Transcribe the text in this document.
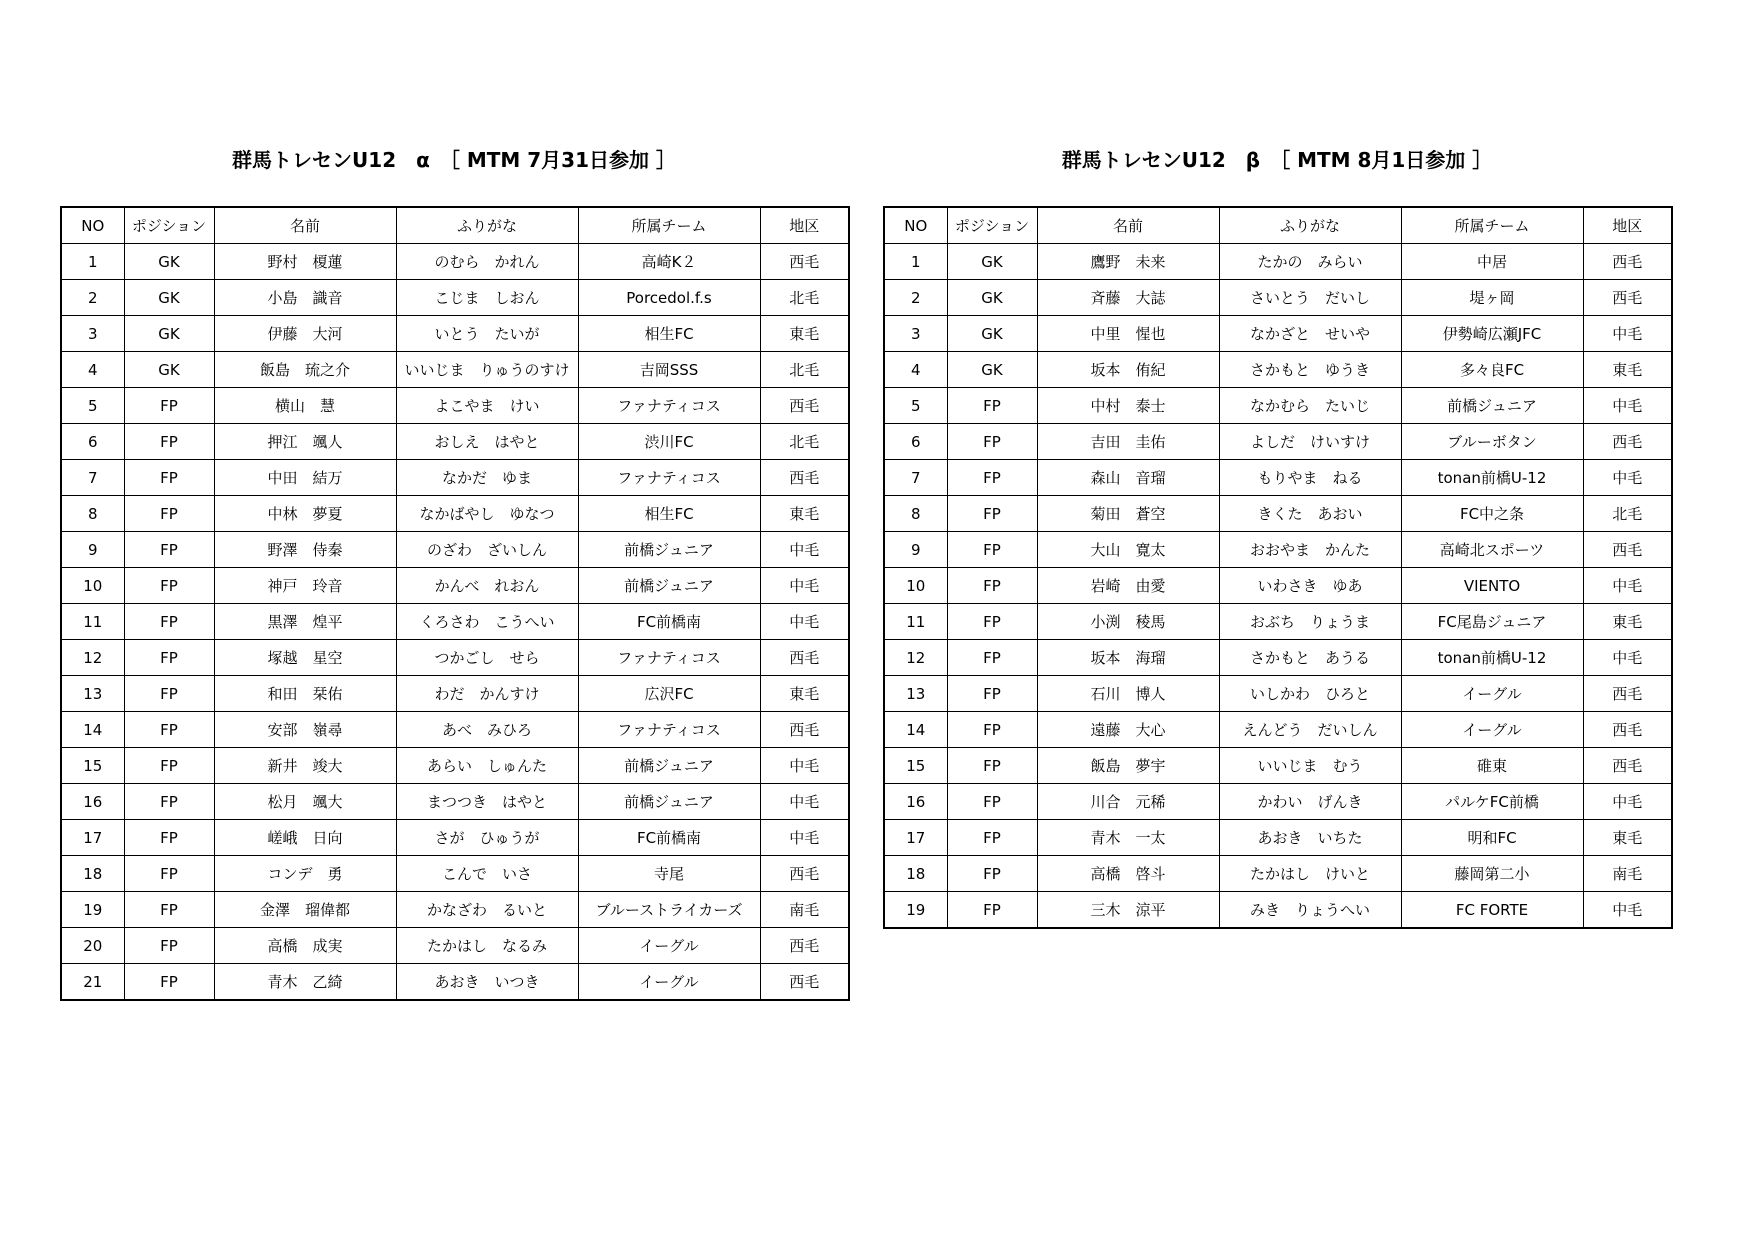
群馬トレセンU12　α　［ MTM 7月31日参加 ］
NO	ポジション	名前	ふりがな	所属チーム	地区
1	GK	野村　榎蓮	のむら　かれん	高崎K２	西毛
2	GK	小島　識音	こじま　しおん	Porcedol.f.s	北毛
3	GK	伊藤　大河	いとう　たいが	相生FC	東毛
4	GK	飯島　琉之介	いいじま　りゅうのすけ	吉岡SSS	北毛
5	FP	横山　慧	よこやま　けい	ファナティコス	西毛
6	FP	押江　颯人	おしえ　はやと	渋川FC	北毛
7	FP	中田　結万	なかだ　ゆま	ファナティコス	西毛
8	FP	中林　夢夏	なかばやし　ゆなつ	相生FC	東毛
9	FP	野澤　侍秦	のざわ　ざいしん	前橋ジュニア	中毛
10	FP	神戸　玲音	かんべ　れおん	前橋ジュニア	中毛
11	FP	黒澤　煌平	くろさわ　こうへい	FC前橋南	中毛
12	FP	塚越　星空	つかごし　せら	ファナティコス	西毛
13	FP	和田　栞佑	わだ　かんすけ	広沢FC	東毛
14	FP	安部　嶺尋	あべ　みひろ	ファナティコス	西毛
15	FP	新井　竣大	あらい　しゅんた	前橋ジュニア	中毛
16	FP	松月　颯大	まつつき　はやと	前橋ジュニア	中毛
17	FP	嵯峨　日向	さが　ひゅうが	FC前橋南	中毛
18	FP	コンデ　勇	こんで　いさ	寺尾	西毛
19	FP	金澤　瑠偉都	かなざわ　るいと	ブルーストライカーズ	南毛
20	FP	高橋　成実	たかはし　なるみ	イーグル	西毛
21	FP	青木　乙綺	あおき　いつき	イーグル	西毛
群馬トレセンU12　β　［ MTM 8月1日参加 ］
NO	ポジション	名前	ふりがな	所属チーム	地区
1	GK	鷹野　未来	たかの　みらい	中居	西毛
2	GK	斉藤　大誌	さいとう　だいし	堤ヶ岡	西毛
3	GK	中里　惺也	なかざと　せいや	伊勢崎広瀬JFC	中毛
4	GK	坂本　侑紀	さかもと　ゆうき	多々良FC	東毛
5	FP	中村　泰士	なかむら　たいじ	前橋ジュニア	中毛
6	FP	吉田　圭佑	よしだ　けいすけ	ブルーボタン	西毛
7	FP	森山　音瑠	もりやま　ねる	tonan前橋U-12	中毛
8	FP	菊田　蒼空	きくた　あおい	FC中之条	北毛
9	FP	大山　寛太	おおやま　かんた	高崎北スポーツ	西毛
10	FP	岩崎　由愛	いわさき　ゆあ	VIENTO	中毛
11	FP	小渕　稜馬	おぶち　りょうま	FC尾島ジュニア	東毛
12	FP	坂本　海瑠	さかもと　あうる	tonan前橋U-12	中毛
13	FP	石川　博人	いしかわ　ひろと	イーグル	西毛
14	FP	遠藤　大心	えんどう　だいしん	イーグル	西毛
15	FP	飯島　夢宇	いいじま　むう	碓東	西毛
16	FP	川合　元稀	かわい　げんき	パルケFC前橋	中毛
17	FP	青木　一太	あおき　いちた	明和FC	東毛
18	FP	高橋　啓斗	たかはし　けいと	藤岡第二小	南毛
19	FP	三木　涼平	みき　りょうへい	FC FORTE	中毛
